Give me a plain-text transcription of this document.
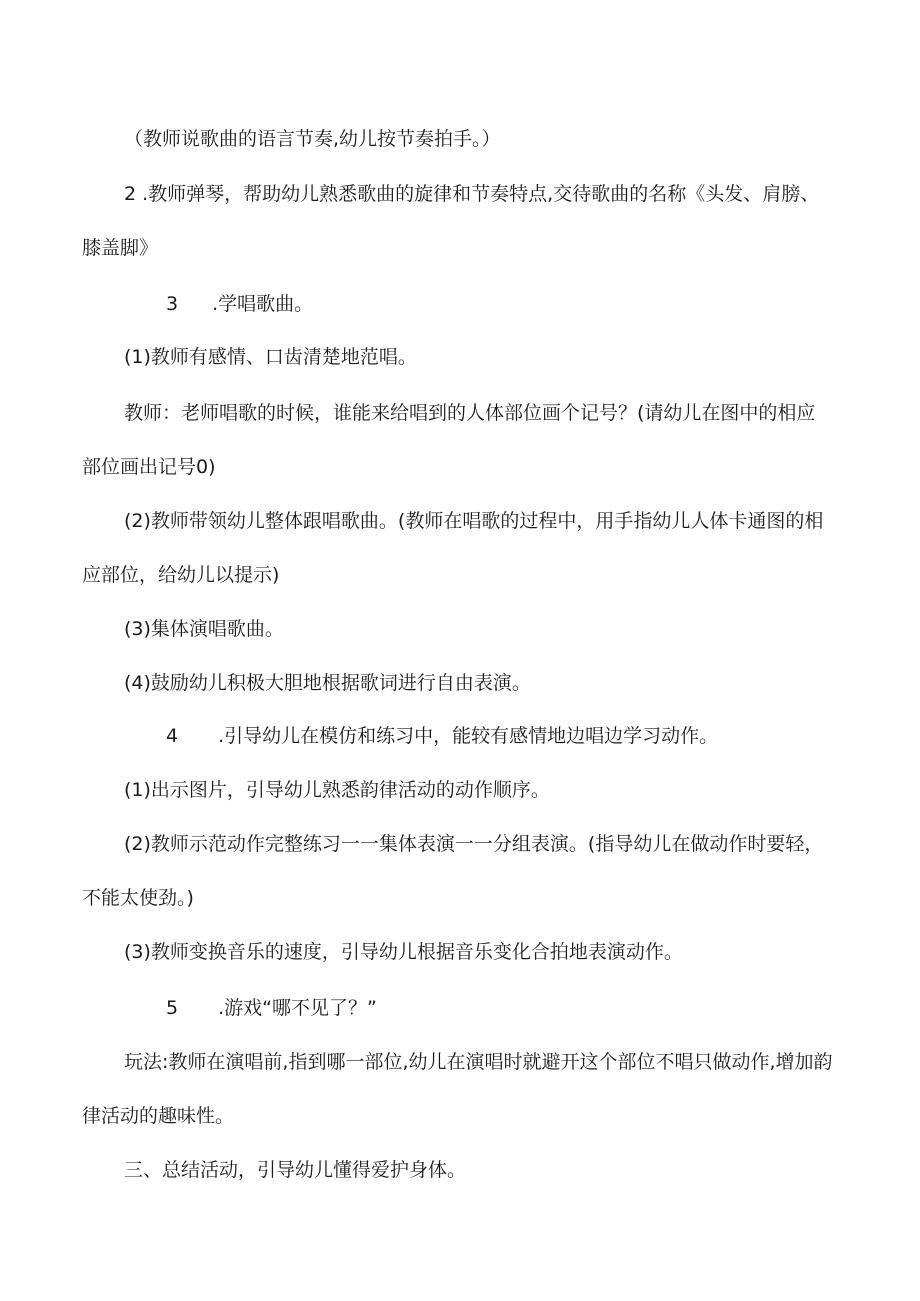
（教师说歌曲的语言节奏,幼儿按节奏拍手。）

2 .教师弹琴，帮助幼儿熟悉歌曲的旋律和节奏特点,交待歌曲的名称《头发、肩膀、膝盖脚》

3 .学唱歌曲。

(1)教师有感情、口齿清楚地范唱。

教师：老师唱歌的时候，谁能来给唱到的人体部位画个记号？(请幼儿在图中的相应部位画出记号0)

(2)教师带领幼儿整体跟唱歌曲。(教师在唱歌的过程中，用手指幼儿人体卡通图的相应部位，给幼儿以提示)

(3)集体演唱歌曲。

(4)鼓励幼儿积极大胆地根据歌词进行自由表演。

4 .引导幼儿在模仿和练习中，能较有感情地边唱边学习动作。

(1)出示图片，引导幼儿熟悉韵律活动的动作顺序。

(2)教师示范动作完整练习一一集体表演一一分组表演。(指导幼儿在做动作时要轻，不能太使劲。)

(3)教师变换音乐的速度，引导幼儿根据音乐变化合拍地表演动作。

5 .游戏“哪不见了？”

玩法:教师在演唱前,指到哪一部位,幼儿在演唱时就避开这个部位不唱只做动作,增加韵律活动的趣味性。

三、总结活动，引导幼儿懂得爱护身体。
